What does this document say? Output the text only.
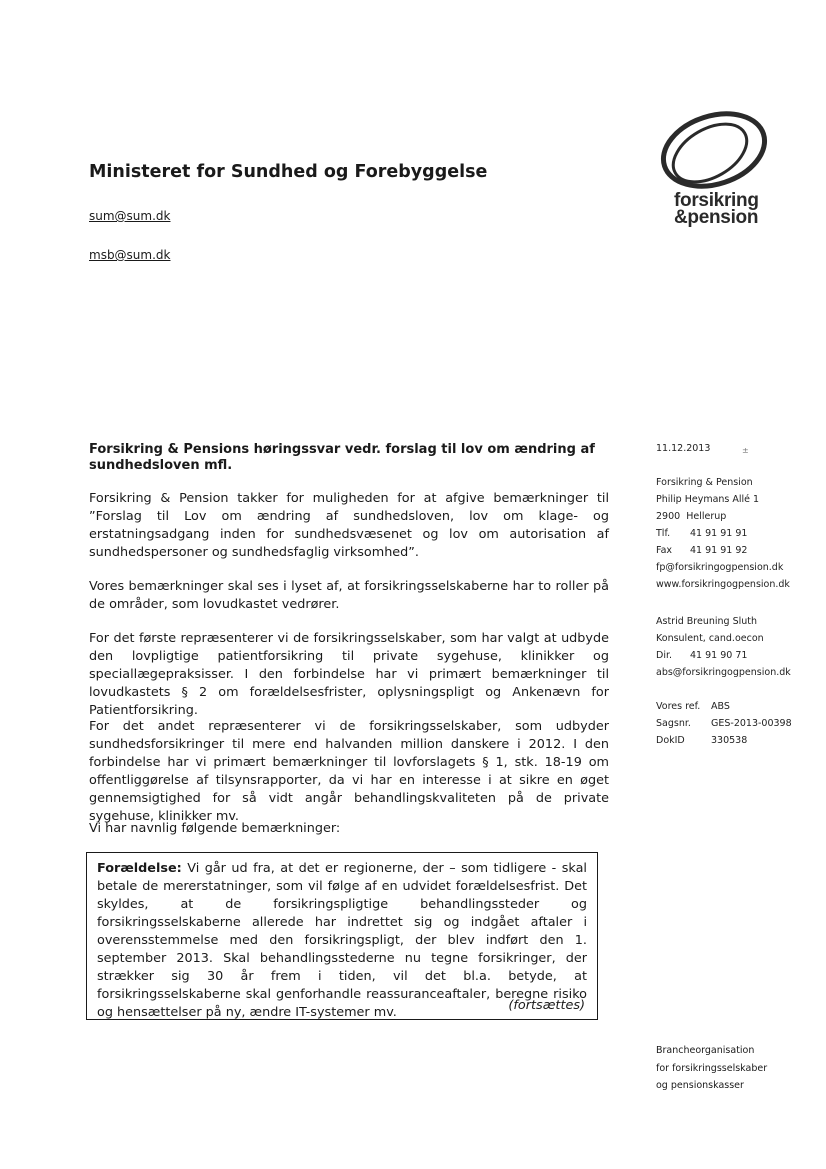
forsikring
&pension
Ministeret for Sundhed og Forebyggelse
sum@sum.dk
msb@sum.dk
Forsikring & Pensions høringssvar vedr. forslag til lov om ændring af sundhedsloven mfl.
Forsikring & Pension takker for muligheden for at afgive bemærkninger til ”Forslag til Lov om ændring af sundhedsloven, lov om klage- og erstatningsadgang inden for sundhedsvæsenet og lov om autorisation af sundhedspersoner og sundhedsfaglig virksomhed”.
Vores bemærkninger skal ses i lyset af, at forsikringsselskaberne har to roller på de områder, som lovudkastet vedrører.
For det første repræsenterer vi de forsikringsselskaber, som har valgt at udbyde den lovpligtige patientforsikring til private sygehuse, klinikker og speciallægepraksisser. I den forbindelse har vi primært bemærkninger til lovudkastets § 2 om forældelsesfrister, oplysningspligt og Ankenævn for Patientforsikring.
For det andet repræsenterer vi de forsikringsselskaber, som udbyder sundhedsforsikringer til mere end halvanden million danskere i 2012. I den forbindelse har vi primært bemærkninger til lovforslagets § 1, stk. 18-19 om offentliggørelse af tilsynsrapporter, da vi har en interesse i at sikre en øget gennemsigtighed for så vidt angår behandlingskvaliteten på de private sygehuse, klinikker mv.
Vi har navnlig følgende bemærkninger:
Forældelse: Vi går ud fra, at det er regionerne, der – som tidligere - skal betale de mererstatninger, som vil følge af en udvidet forældelsesfrist. Det skyldes, at de forsikringspligtige behandlingssteder og forsikringsselskaberne allerede har indrettet sig og indgået aftaler i overensstemmelse med den forsikringspligt, der blev indført den 1. september 2013. Skal behandlingsstederne nu tegne forsikringer, der strækker sig 30 år frem i tiden, vil det bl.a. betyde, at forsikringsselskaberne skal genforhandle reassuranceaftaler, beregne risiko og hensættelser på ny, ændre IT-systemer mv.	(fortsættes)
±
11.12.2013
Forsikring & Pension
Philip Heymans Allé 1
2900  Hellerup
Tlf.	41 91 91 91
Fax	41 91 91 92
fp@forsikringogpension.dk
www.forsikringogpension.dk
Astrid Breuning Sluth
Konsulent, cand.oecon
Dir.	41 91 90 71
abs@forsikringogpension.dk
Vores ref.	ABS
Sagsnr.	GES-2013-00398
DokID	330538
Brancheorganisation
for forsikringsselskaber
og pensionskasser
